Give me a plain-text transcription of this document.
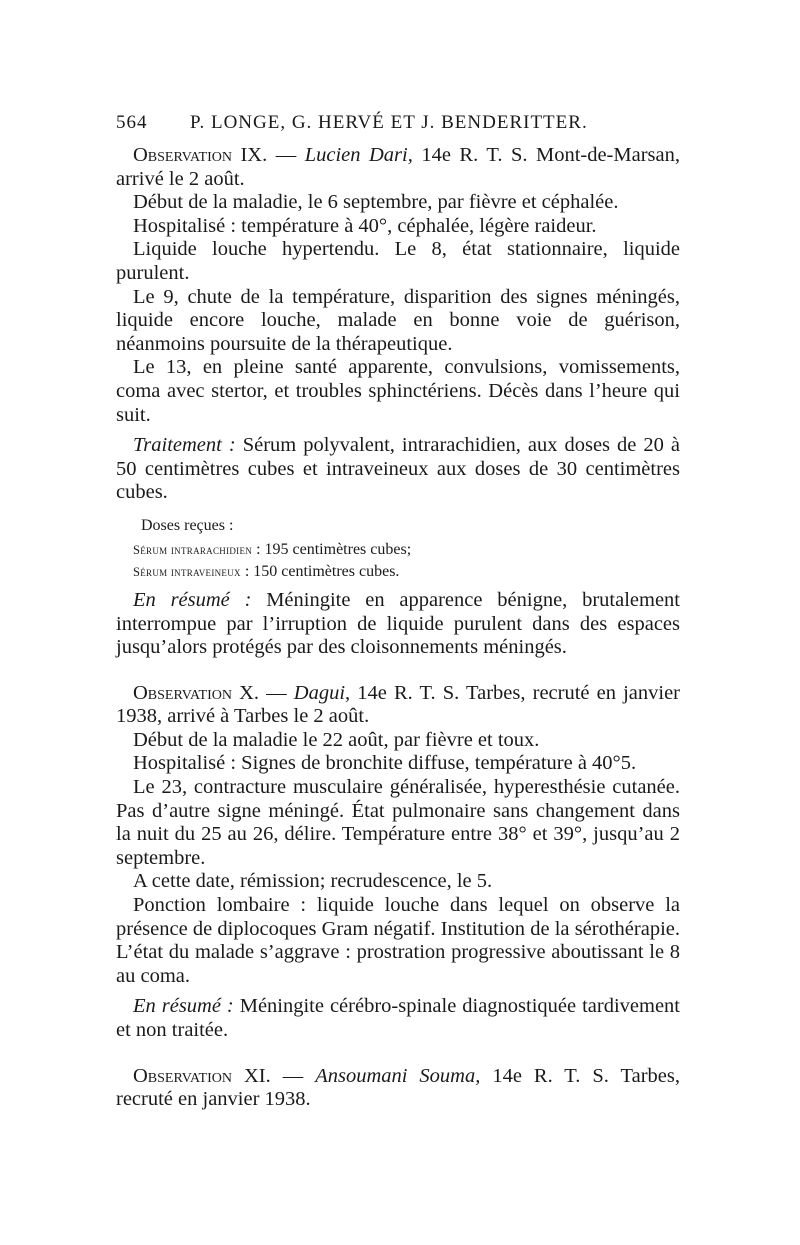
564 P. LONGE, G. HERVÉ ET J. BENDERITTER.

Observation IX. — Lucien Dari, 14e R. T. S. Mont-de-Marsan, arrivé le 2 août.

Début de la maladie, le 6 septembre, par fièvre et céphalée.

Hospitalisé : température à 40°, céphalée, légère raideur.

Liquide louche hypertendu. Le 8, état stationnaire, liquide purulent.

Le 9, chute de la température, disparition des signes méningés, liquide encore louche, malade en bonne voie de guérison, néanmoins poursuite de la thérapeutique.

Le 13, en pleine santé apparente, convulsions, vomissements, coma avec stertor, et troubles sphinctériens. Décès dans l’heure qui suit.

Traitement : Sérum polyvalent, intrarachidien, aux doses de 20 à 50 centimètres cubes et intraveineux aux doses de 30 centimètres cubes.

Doses reçues :
Sérum intrarachidien : 195 centimètres cubes;
Sérum intraveineux : 150 centimètres cubes.

En résumé : Méningite en apparence bénigne, brutalement interrompue par l’irruption de liquide purulent dans des espaces jusqu’alors protégés par des cloisonnements méningés.

Observation X. — Dagui, 14e R. T. S. Tarbes, recruté en janvier 1938, arrivé à Tarbes le 2 août.

Début de la maladie le 22 août, par fièvre et toux.

Hospitalisé : Signes de bronchite diffuse, température à 40°5.

Le 23, contracture musculaire généralisée, hyperesthésie cutanée. Pas d’autre signe méningé. État pulmonaire sans changement dans la nuit du 25 au 26, délire. Température entre 38° et 39°, jusqu’au 2 septembre.

A cette date, rémission; recrudescence, le 5.

Ponction lombaire : liquide louche dans lequel on observe la présence de diplocoques Gram négatif. Institution de la sérothérapie. L’état du malade s’aggrave : prostration progressive aboutissant le 8 au coma.

En résumé : Méningite cérébro-spinale diagnostiquée tardivement et non traitée.

Observation XI. — Ansoumani Souma, 14e R. T. S. Tarbes, recruté en janvier 1938.
